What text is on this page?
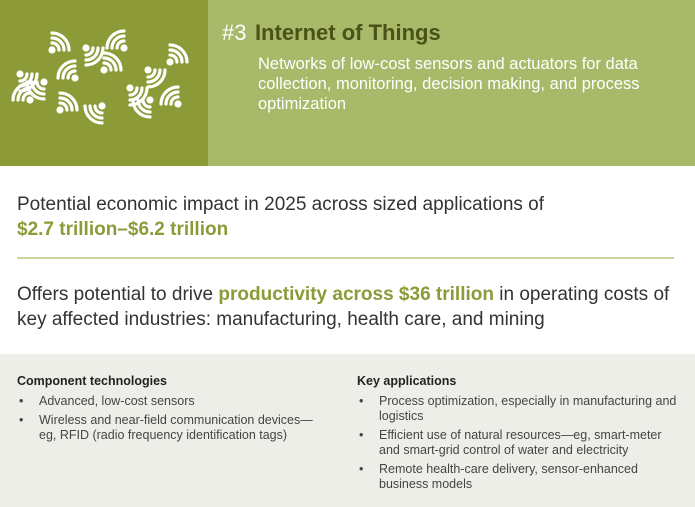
#3 Internet of Things
Networks of low-cost sensors and actuators for data collection, monitoring, decision making, and process optimization
Potential economic impact in 2025 across sized applications of
$2.7 trillion–$6.2 trillion
Offers potential to drive productivity across $36 trillion in operating costs of key affected industries: manufacturing, health care, and mining
Component technologies
• Advanced, low-cost sensors
• Wireless and near-field communication devices—eg, RFID (radio frequency identification tags)
Key applications
• Process optimization, especially in manufacturing and logistics
• Efficient use of natural resources—eg, smart-meter and smart-grid control of water and electricity
• Remote health-care delivery, sensor-enhanced business models
